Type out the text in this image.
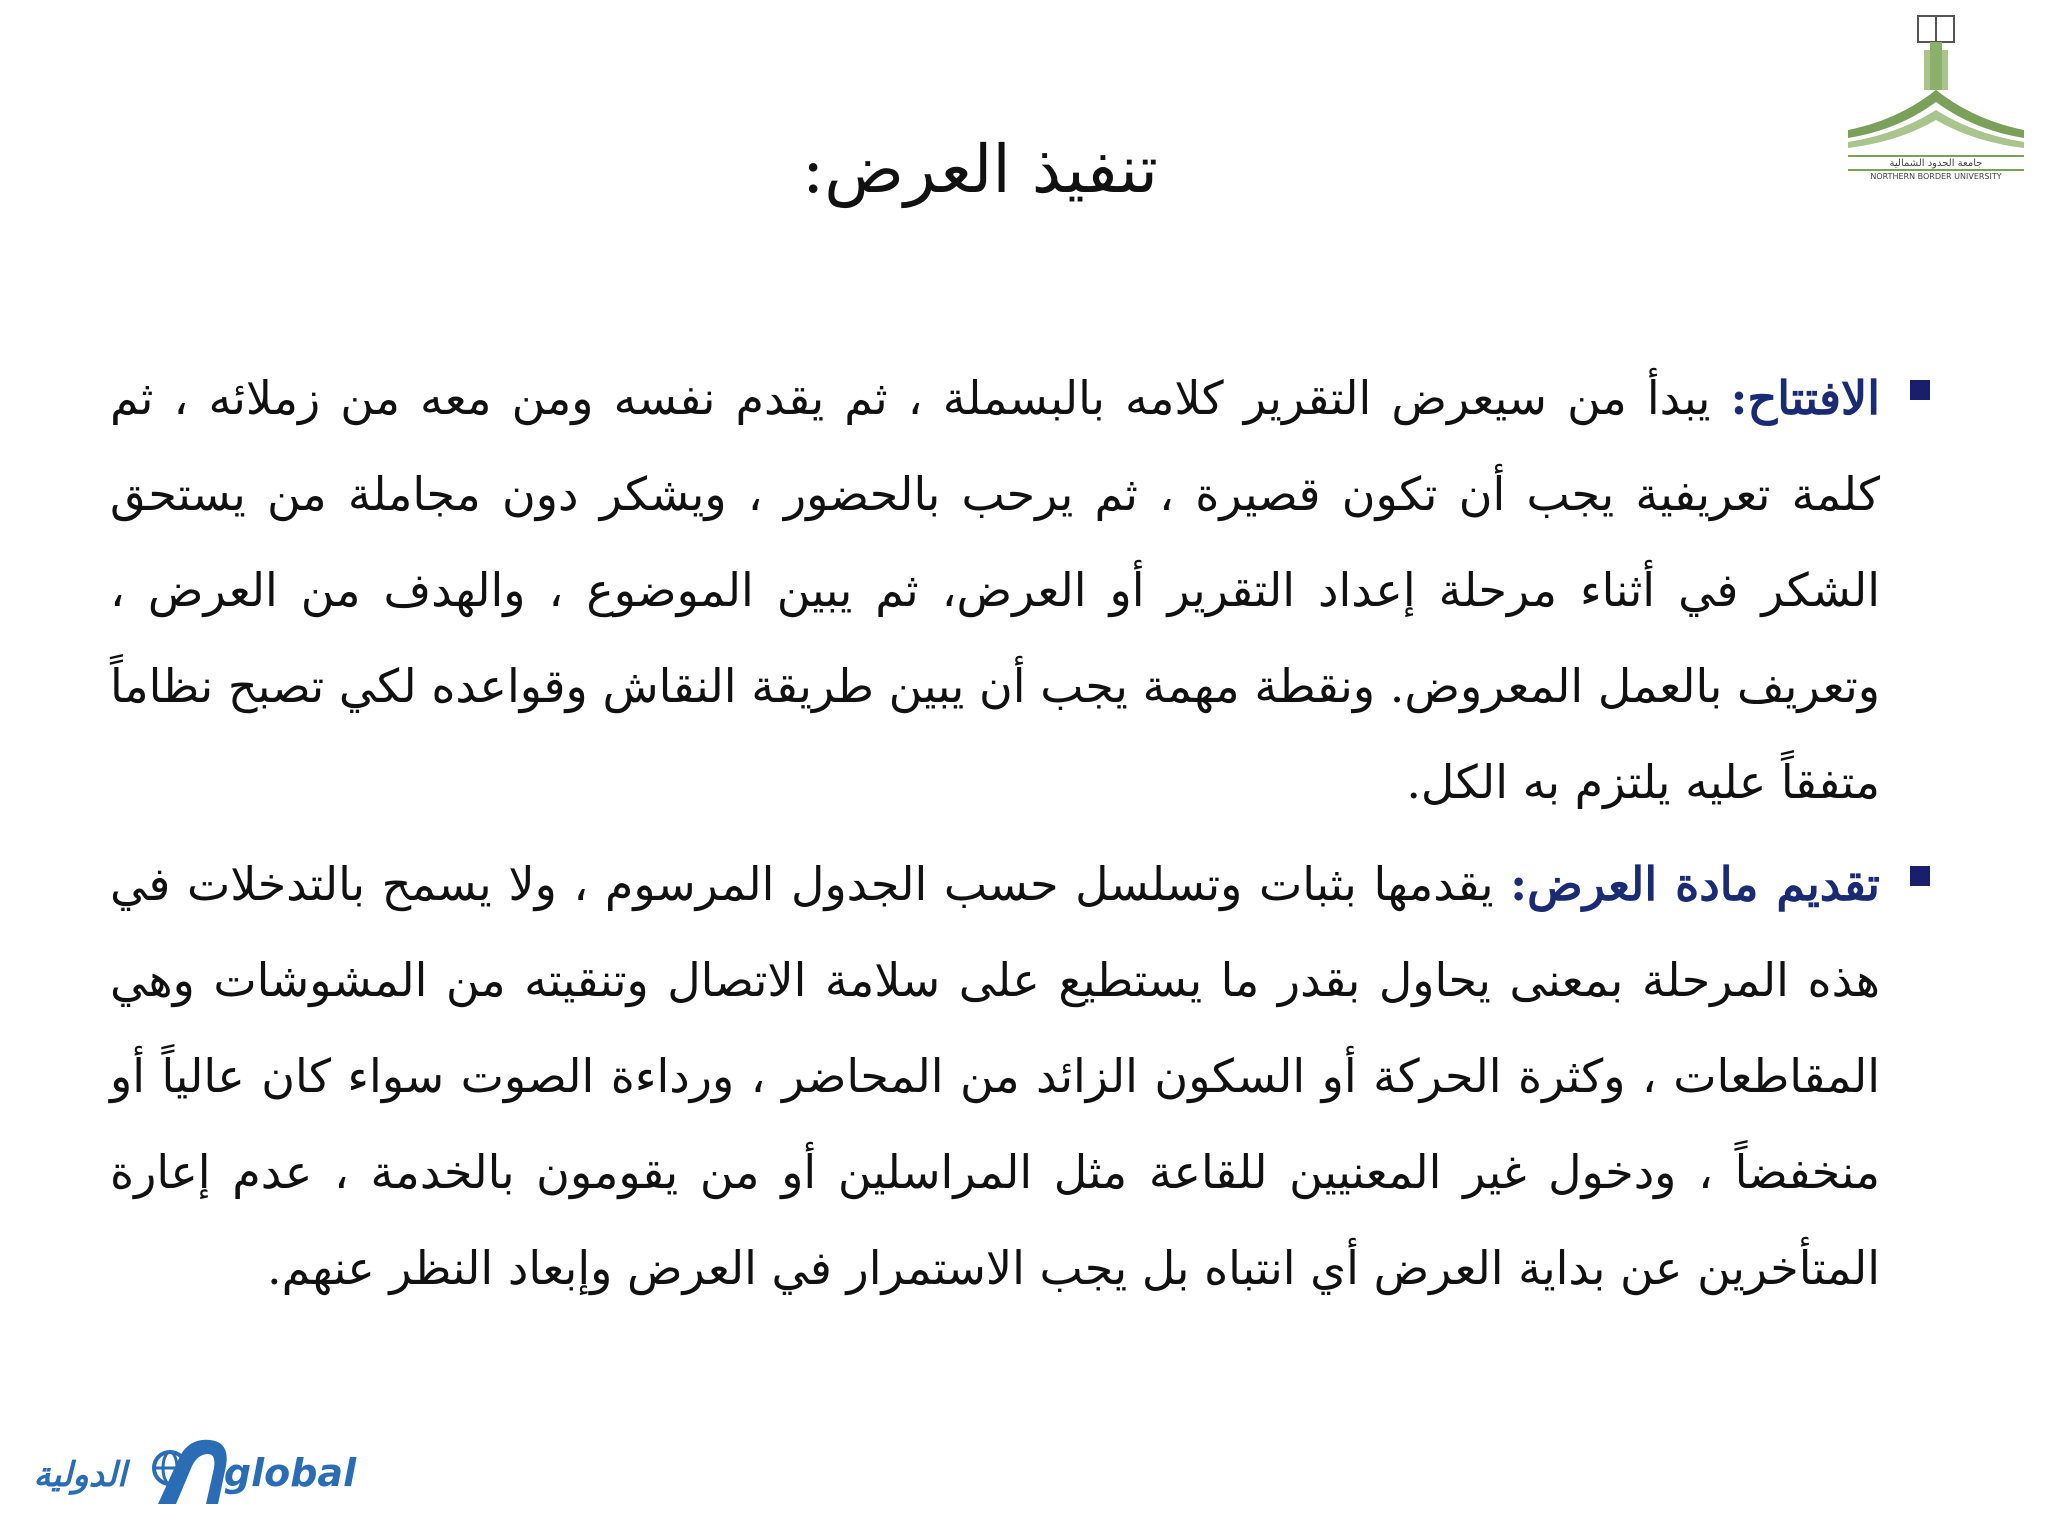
جامعة الحدود الشمالية
NORTHERN BORDER UNIVERSITY
تنفيذ العرض:

الافتتاح: يبدأ من سيعرض التقرير كلامه بالبسملة ، ثم يقدم نفسه ومن معه من زملائه ، ثم كلمة تعريفية يجب أن تكون قصيرة ، ثم يرحب بالحضور ، ويشكر دون مجاملة من يستحق الشكر في أثناء مرحلة إعداد التقرير أو العرض، ثم يبين الموضوع ، والهدف من العرض ، وتعريف بالعمل المعروض. ونقطة مهمة يجب أن يبين طريقة النقاش وقواعده لكي تصبح نظاماً متفقاً عليه يلتزم به الكل.

تقديم مادة العرض: يقدمها بثبات وتسلسل حسب الجدول المرسوم ، ولا يسمح بالتدخلات في هذه المرحلة بمعنى يحاول بقدر ما يستطيع على سلامة الاتصال وتنقيته من المشوشات وهي المقاطعات ، وكثرة الحركة أو السكون الزائد من المحاضر ، ورداءة الصوت سواء كان عالياً أو منخفضاً ، ودخول غير المعنيين للقاعة مثل المراسلين أو من يقومون بالخدمة ، عدم إعارة المتأخرين عن بداية العرض أي انتباه بل يجب الاستمرار في العرض وإبعاد النظر عنهم.

الدولية	global
